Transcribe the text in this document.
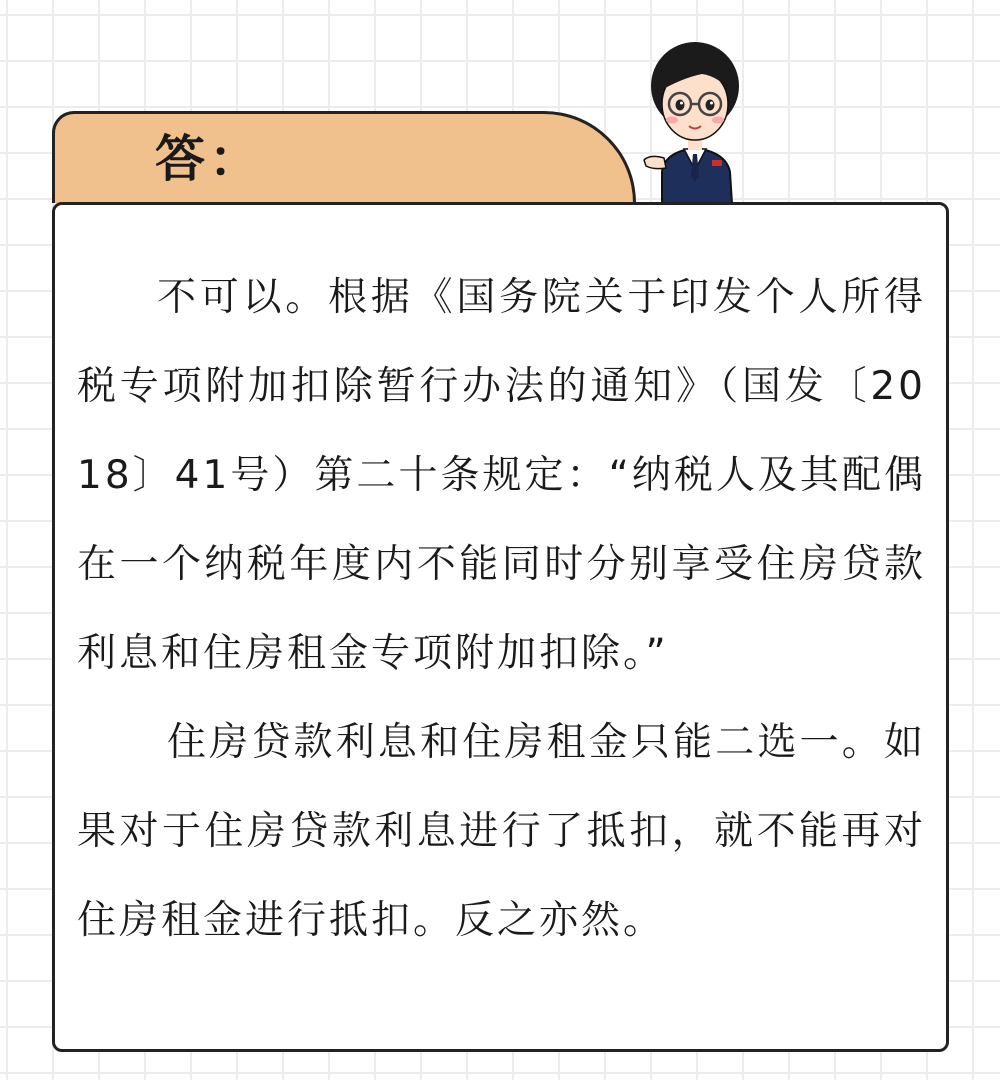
答：

不可以。根据《国务院关于印发个人所得税专项附加扣除暂行办法的通知》（国发〔2018〕41号）第二十条规定：“纳税人及其配偶在一个纳税年度内不能同时分别享受住房贷款利息和住房租金专项附加扣除。”

住房贷款利息和住房租金只能二选一。如果对于住房贷款利息进行了抵扣，就不能再对住房租金进行抵扣。反之亦然。
